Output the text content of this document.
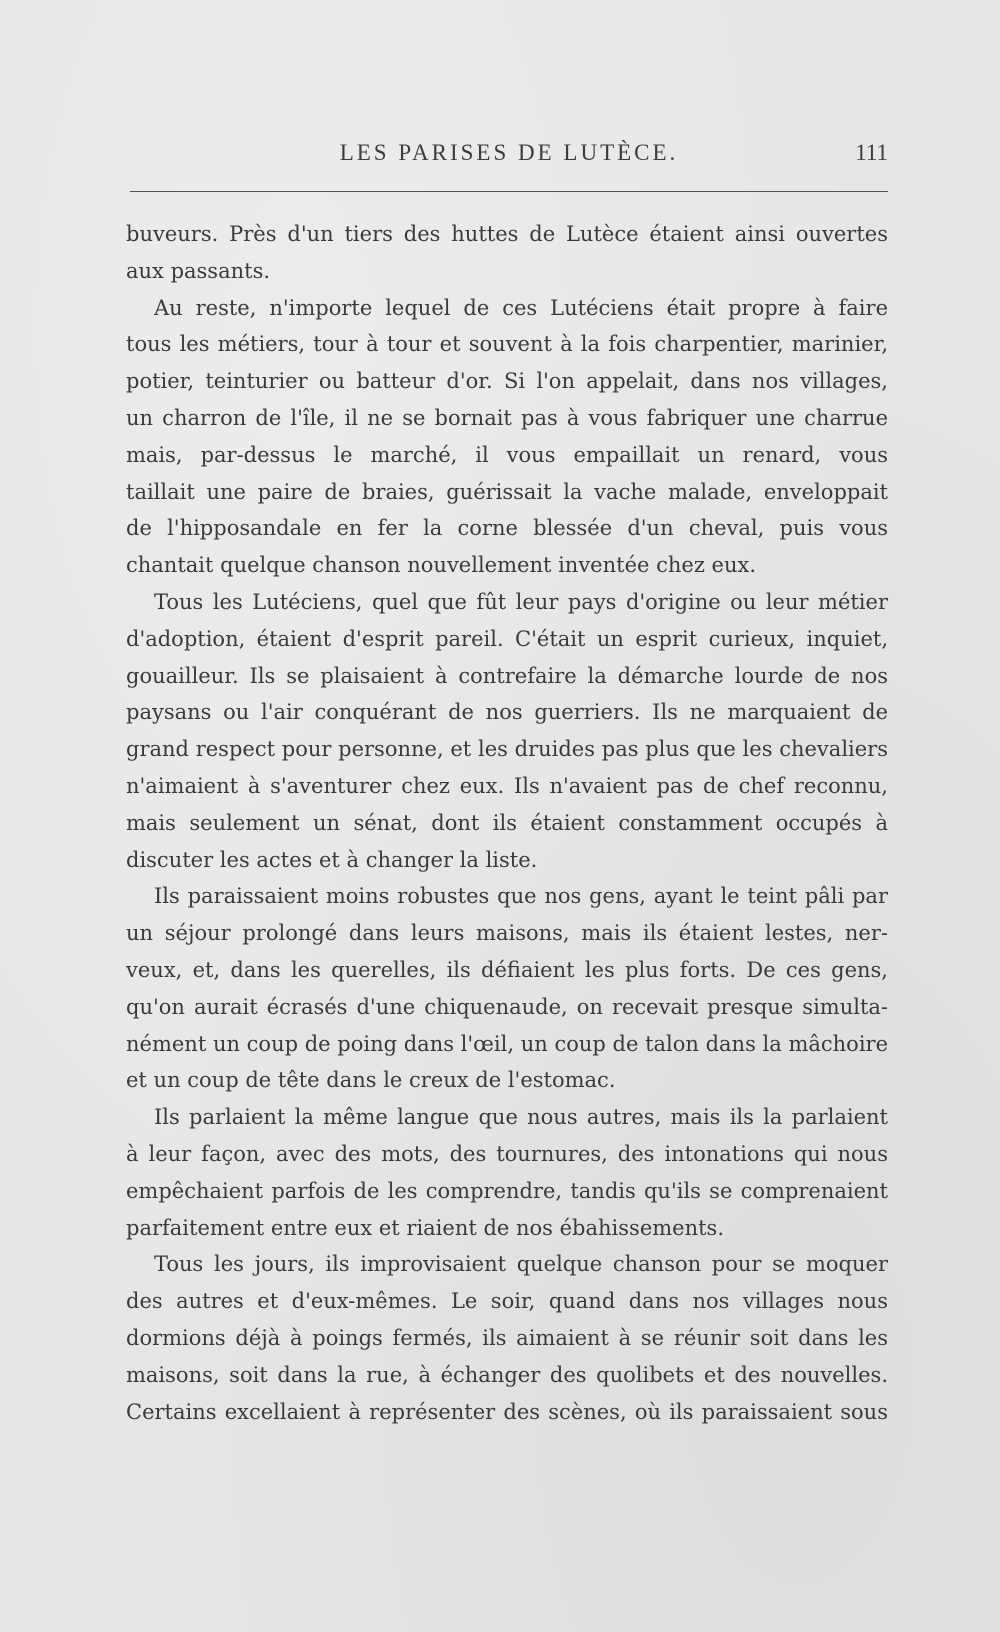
LES PARISES DE LUTÈCE.	111
buveurs. Près d'un tiers des huttes de Lutèce étaient ainsi ouvertes
aux passants.
Au reste, n'importe lequel de ces Lutéciens était propre à faire
tous les métiers, tour à tour et souvent à la fois charpentier, marinier,
potier, teinturier ou batteur d'or. Si l'on appelait, dans nos villages,
un charron de l'île, il ne se bornait pas à vous fabriquer une charrue
mais, par-dessus le marché, il vous empaillait un renard, vous
taillait une paire de braies, guérissait la vache malade, enveloppait
de l'hipposandale en fer la corne blessée d'un cheval, puis vous
chantait quelque chanson nouvellement inventée chez eux.
Tous les Lutéciens, quel que fût leur pays d'origine ou leur métier
d'adoption, étaient d'esprit pareil. C'était un esprit curieux, inquiet,
gouailleur. Ils se plaisaient à contrefaire la démarche lourde de nos
paysans ou l'air conquérant de nos guerriers. Ils ne marquaient de
grand respect pour personne, et les druides pas plus que les chevaliers
n'aimaient à s'aventurer chez eux. Ils n'avaient pas de chef reconnu,
mais seulement un sénat, dont ils étaient constamment occupés à
discuter les actes et à changer la liste.
Ils paraissaient moins robustes que nos gens, ayant le teint pâli par
un séjour prolongé dans leurs maisons, mais ils étaient lestes, ner-
veux, et, dans les querelles, ils défiaient les plus forts. De ces gens,
qu'on aurait écrasés d'une chiquenaude, on recevait presque simulta-
nément un coup de poing dans l'œil, un coup de talon dans la mâchoire
et un coup de tête dans le creux de l'estomac.
Ils parlaient la même langue que nous autres, mais ils la parlaient
à leur façon, avec des mots, des tournures, des intonations qui nous
empêchaient parfois de les comprendre, tandis qu'ils se comprenaient
parfaitement entre eux et riaient de nos ébahissements.
Tous les jours, ils improvisaient quelque chanson pour se moquer
des autres et d'eux-mêmes. Le soir, quand dans nos villages nous
dormions déjà à poings fermés, ils aimaient à se réunir soit dans les
maisons, soit dans la rue, à échanger des quolibets et des nouvelles.
Certains excellaient à représenter des scènes, où ils paraissaient sous
